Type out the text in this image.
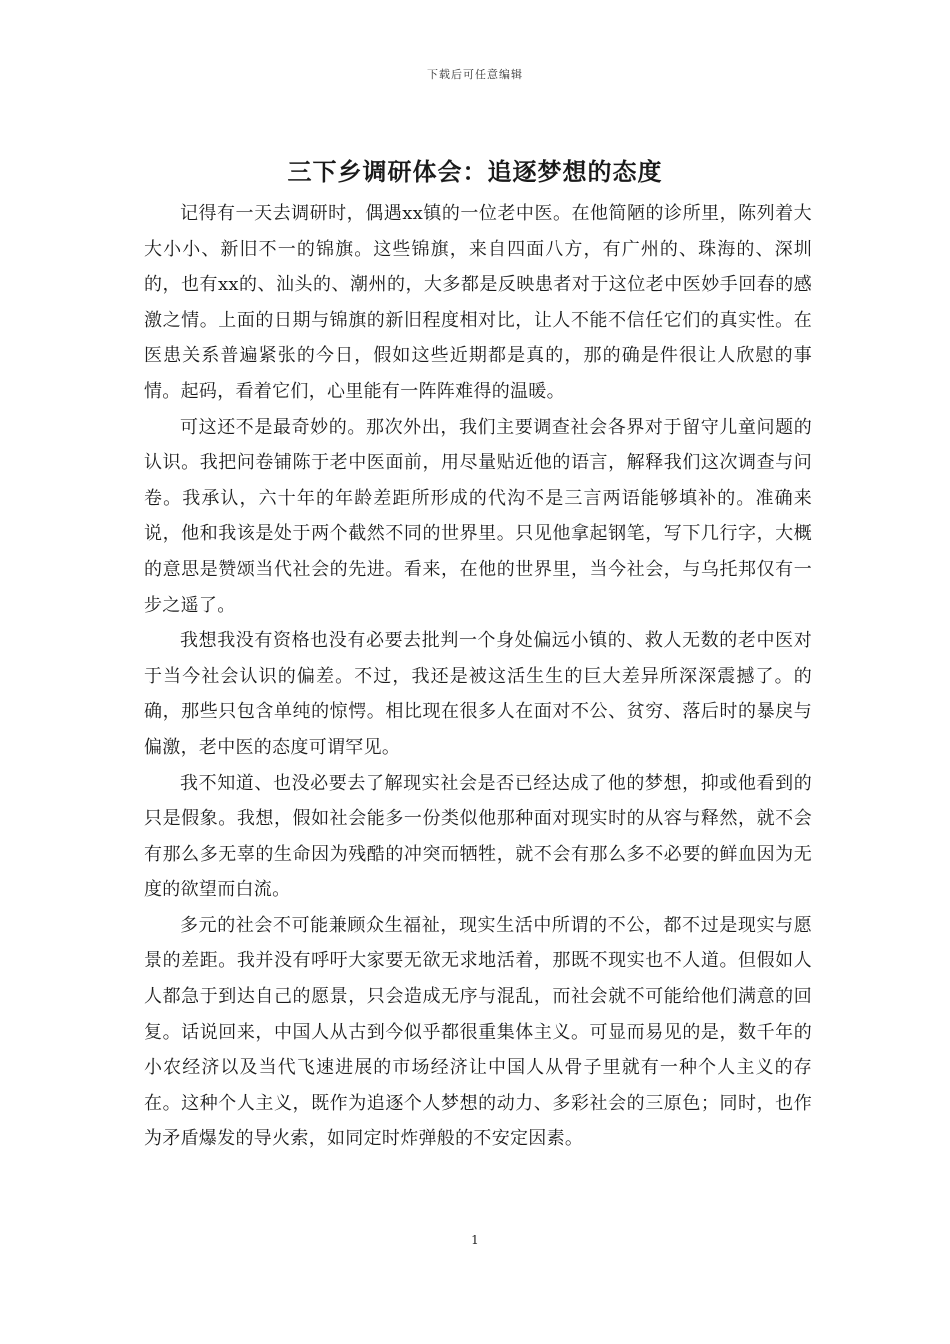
下载后可任意编辑
三下乡调研体会：追逐梦想的态度

记得有一天去调研时，偶遇xx镇的一位老中医。在他简陋的诊所里，陈列着大大小小、新旧不一的锦旗。这些锦旗，来自四面八方，有广州的、珠海的、深圳的，也有xx的、汕头的、潮州的，大多都是反映患者对于这位老中医妙手回春的感激之情。上面的日期与锦旗的新旧程度相对比，让人不能不信任它们的真实性。在医患关系普遍紧张的今日，假如这些近期都是真的，那的确是件很让人欣慰的事情。起码，看着它们，心里能有一阵阵难得的温暖。

可这还不是最奇妙的。那次外出，我们主要调查社会各界对于留守儿童问题的认识。我把问卷铺陈于老中医面前，用尽量贴近他的语言，解释我们这次调查与问卷。我承认，六十年的年龄差距所形成的代沟不是三言两语能够填补的。准确来说，他和我该是处于两个截然不同的世界里。只见他拿起钢笔，写下几行字，大概的意思是赞颂当代社会的先进。看来，在他的世界里，当今社会，与乌托邦仅有一步之遥了。

我想我没有资格也没有必要去批判一个身处偏远小镇的、救人无数的老中医对于当今社会认识的偏差。不过，我还是被这活生生的巨大差异所深深震撼了。的确，那些只包含单纯的惊愕。相比现在很多人在面对不公、贫穷、落后时的暴戾与偏激，老中医的态度可谓罕见。

我不知道、也没必要去了解现实社会是否已经达成了他的梦想，抑或他看到的只是假象。我想，假如社会能多一份类似他那种面对现实时的从容与释然，就不会有那么多无辜的生命因为残酷的冲突而牺牲，就不会有那么多不必要的鲜血因为无度的欲望而白流。

多元的社会不可能兼顾众生福祉，现实生活中所谓的不公，都不过是现实与愿景的差距。我并没有呼吁大家要无欲无求地活着，那既不现实也不人道。但假如人人都急于到达自己的愿景，只会造成无序与混乱，而社会就不可能给他们满意的回复。话说回来，中国人从古到今似乎都很重集体主义。可显而易见的是，数千年的小农经济以及当代飞速进展的市场经济让中国人从骨子里就有一种个人主义的存在。这种个人主义，既作为追逐个人梦想的动力、多彩社会的三原色；同时，也作为矛盾爆发的导火索，如同定时炸弹般的不安定因素。

1
